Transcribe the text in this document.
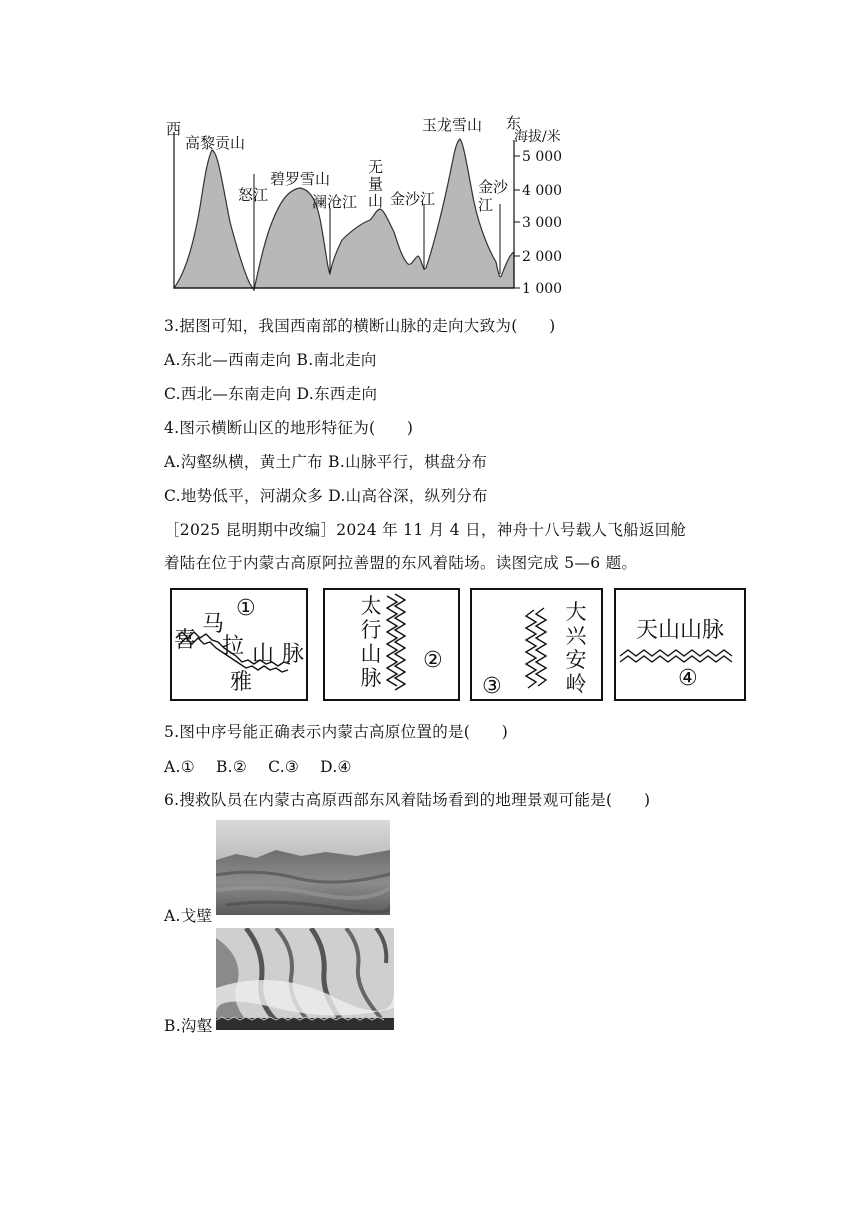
西	东
海拔/米
5 000
4 000
3 000
2 000
1 000
高黎贡山
怒江
碧罗雪山
澜沧江
无量山 金沙江
玉龙雪山
金沙江
3.据图可知，我国西南部的横断山脉的走向大致为(　　)
A.东北—西南走向 B.南北走向
C.西北—东南走向 D.东西走向
4.图示横断山区的地形特征为(　　)
A.沟壑纵横，黄土广布 B.山脉平行，棋盘分布
C.地势低平，河湖众多 D.山高谷深，纵列分布
［2025 昆明期中改编］2024 年 11 月 4 日，神舟十八号载人飞船返回舱
着陆在位于内蒙古高原阿拉善盟的东风着陆场。读图完成 5—6 题。
①
喜
马
拉 山 脉
雅
太行山脉
②
大兴安岭
③
天山山脉
④
5.图中序号能正确表示内蒙古高原位置的是(　　)
A.①　 B.②　 C.③　 D.④
6.搜救队员在内蒙古高原西部东风着陆场看到的地理景观可能是(　　)
A.戈壁
B.沟壑
